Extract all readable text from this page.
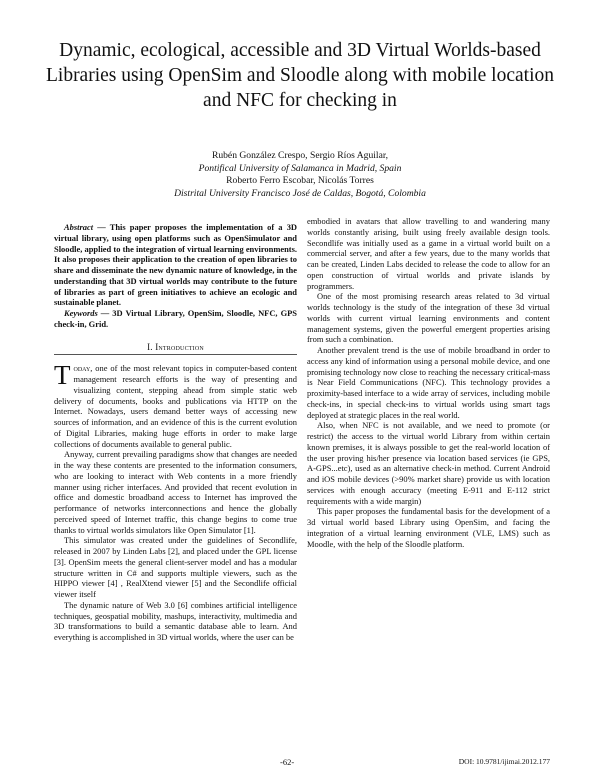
Dynamic, ecological, accessible and 3D Virtual Worlds-based Libraries using OpenSim and Sloodle along with mobile location and NFC for checking in
Rubén González Crespo, Sergio Ríos Aguilar,
Pontifical University of Salamanca in Madrid, Spain
Roberto Ferro Escobar, Nicolás Torres
Distrital University Francisco José de Caldas, Bogotá, Colombia

Abstract — This paper proposes the implementation of a 3D virtual library, using open platforms such as OpenSimulator and Sloodle, applied to the integration of virtual learning environments. It also proposes their application to the creation of open libraries to share and disseminate the new dynamic nature of knowledge, in the understanding that 3D virtual worlds may contribute to the future of libraries as part of green initiatives to achieve an ecologic and sustainable planet.

Keywords — 3D Virtual Library, OpenSim, Sloodle, NFC, GPS check-in, Grid.

I. Introduction

Today, one of the most relevant topics in computer-based content management research efforts is the way of presenting and visualizing content, stepping ahead from simple static web delivery of documents, books and publications via HTTP on the Internet. Nowadays, users demand better ways of accessing new sources of information, and an evidence of this is the current evolution of Digital Libraries, making huge efforts in order to make large collections of documents available to general public.

Anyway, current prevailing paradigms show that changes are needed in the way these contents are presented to the information consumers, who are looking to interact with Web contents in a more friendly manner using richer interfaces. And provided that recent evolution in office and domestic broadband access to Internet has improved the performance of networks interconnections and hence the globally perceived speed of Internet traffic, this change begins to come true thanks to virtual worlds simulators like Open Simulator [1].

This simulator was created under the guidelines of Secondlife, released in 2007 by Linden Labs [2], and placed under the GPL license [3]. OpenSim meets the general client-server model and has a modular structure written in C# and supports multiple viewers, such as the HIPPO viewer [4] , RealXtend viewer [5] and the Secondlife official viewer itself

The dynamic nature of Web 3.0 [6] combines artificial intelligence techniques, geospatial mobility, mashups, interactivity, multimedia and 3D transformations to build a semantic database able to learn. And everything is accomplished in 3D virtual worlds, where the user can be

embodied in avatars that allow travelling to and wandering many worlds constantly arising, built using freely available design tools. Secondlife was initially used as a game in a virtual world built on a commercial server, and after a few years, due to the many worlds that can be created, Linden Labs decided to release the code to allow for an open construction of virtual worlds and private islands by programmers.

One of the most promising research areas related to 3d virtual worlds technology is the study of the integration of these 3d virtual worlds with current virtual learning environments and content management systems, given the powerful emergent properties arising from such a combination.

Another prevalent trend is the use of mobile broadband in order to access any kind of information using a personal mobile device, and one promising technology now close to reaching the necessary critical-mass is Near Field Communications (NFC). This technology provides a proximity-based interface to a wide array of services, including mobile check-ins, in special check-ins to virtual worlds using smart tags deployed at strategic places in the real world.

Also, when NFC is not available, and we need to promote (or restrict) the access to the virtual world Library from within certain known premises, it is always possible to get the real-world location of the user proving his/her presence via location based services (ie GPS, A-GPS...etc), used as an alternative check-in method. Current Android and iOS mobile devices (>90% market share) provide us with location services with enough accuracy (meeting E-911 and E-112 strict requirements with a wide margin)

This paper proposes the fundamental basis for the development of a 3d virtual world based Library using OpenSim, and facing the integration of a virtual learning environment (VLE, LMS) such as Moodle, with the help of the Sloodle platform.

-62-	DOI: 10.9781/ijimai.2012.177
